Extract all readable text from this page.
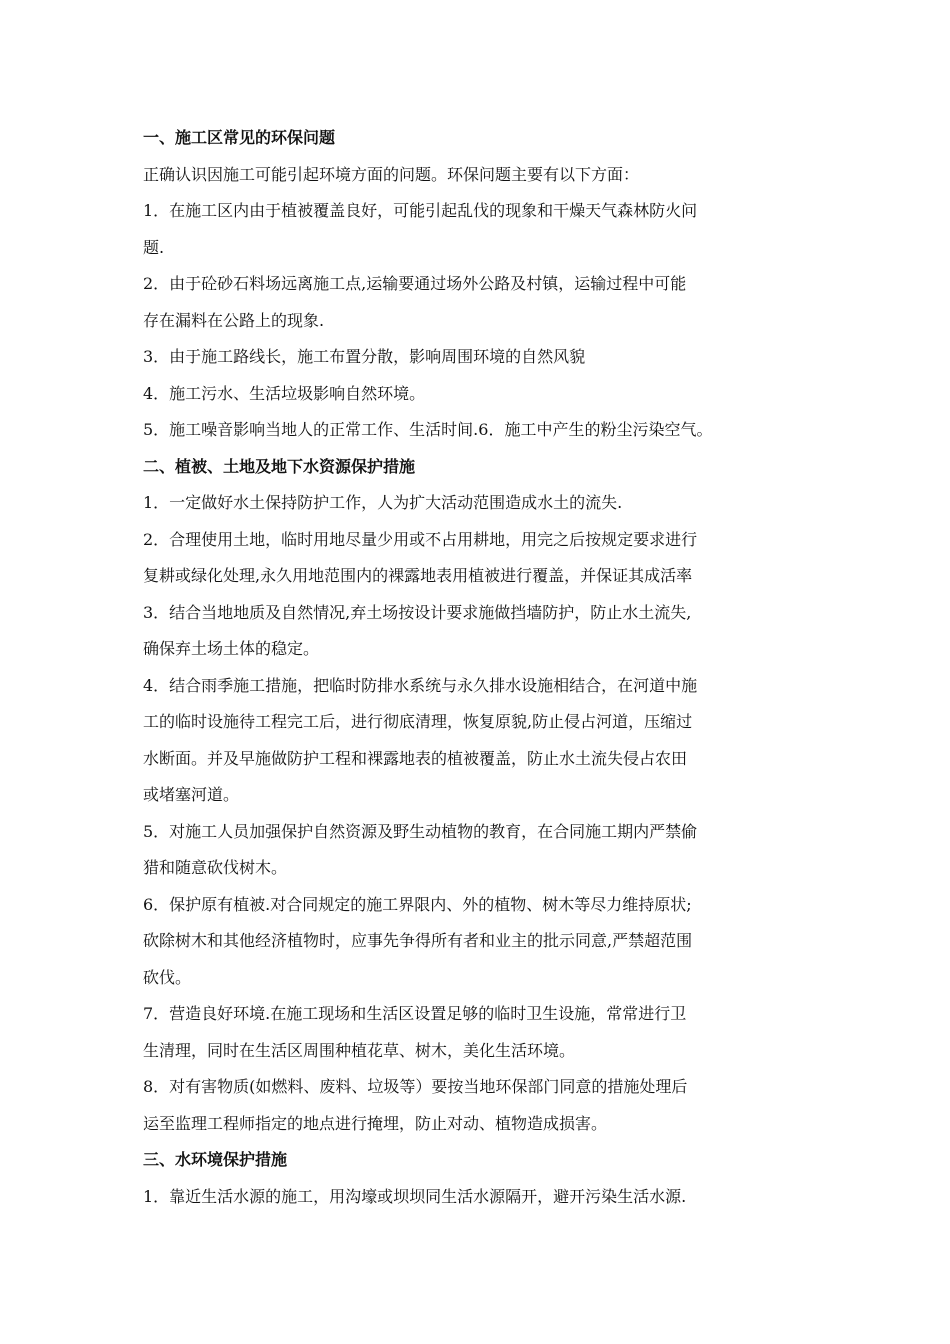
一、施工区常见的环保问题
正确认识因施工可能引起环境方面的问题。环保问题主要有以下方面：
1．在施工区内由于植被覆盖良好，可能引起乱伐的现象和干燥天气森林防火问
题.
2．由于砼砂石料场远离施工点,运输要通过场外公路及村镇，运输过程中可能
存在漏料在公路上的现象.
3．由于施工路线长，施工布置分散，影响周围环境的自然风貌
4．施工污水、生活垃圾影响自然环境。
5．施工噪音影响当地人的正常工作、生活时间.6．施工中产生的粉尘污染空气。
二、植被、土地及地下水资源保护措施
1．一定做好水土保持防护工作，人为扩大活动范围造成水土的流失.
2．合理使用土地，临时用地尽量少用或不占用耕地，用完之后按规定要求进行
复耕或绿化处理,永久用地范围内的裸露地表用植被进行覆盖，并保证其成活率
3．结合当地地质及自然情况,弃土场按设计要求施做挡墙防护，防止水土流失,
确保弃土场土体的稳定。
4．结合雨季施工措施，把临时防排水系统与永久排水设施相结合，在河道中施
工的临时设施待工程完工后，进行彻底清理，恢复原貌,防止侵占河道，压缩过
水断面。并及早施做防护工程和裸露地表的植被覆盖，防止水土流失侵占农田
或堵塞河道。
5．对施工人员加强保护自然资源及野生动植物的教育，在合同施工期内严禁偷
猎和随意砍伐树木。
6．保护原有植被.对合同规定的施工界限内、外的植物、树木等尽力维持原状;
砍除树木和其他经济植物时，应事先争得所有者和业主的批示同意,严禁超范围
砍伐。
7．营造良好环境.在施工现场和生活区设置足够的临时卫生设施，常常进行卫
生清理，同时在生活区周围种植花草、树木，美化生活环境。
8．对有害物质(如燃料、废料、垃圾等）要按当地环保部门同意的措施处理后
运至监理工程师指定的地点进行掩埋，防止对动、植物造成损害。
三、水环境保护措施
1．靠近生活水源的施工，用沟壕或坝坝同生活水源隔开，避开污染生活水源.
